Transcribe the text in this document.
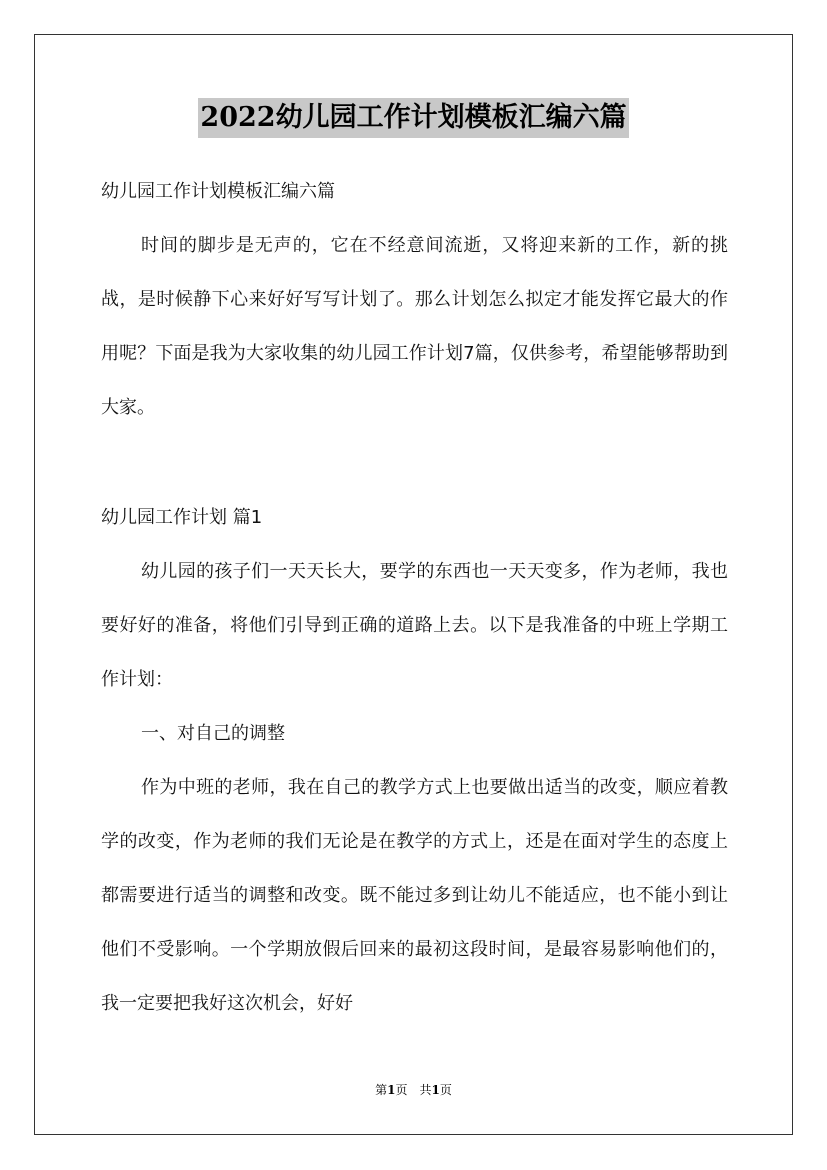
2022幼儿园工作计划模板汇编六篇

幼儿园工作计划模板汇编六篇

时间的脚步是无声的，它在不经意间流逝，又将迎来新的工作，新的挑战，是时候静下心来好好写写计划了。那么计划怎么拟定才能发挥它最大的作用呢？下面是我为大家收集的幼儿园工作计划7篇，仅供参考，希望能够帮助到大家。

幼儿园工作计划 篇1

幼儿园的孩子们一天天长大，要学的东西也一天天变多，作为老师，我也要好好的准备，将他们引导到正确的道路上去。以下是我准备的中班上学期工作计划：

一、对自己的调整

作为中班的老师，我在自己的教学方式上也要做出适当的改变，顺应着教学的改变，作为老师的我们无论是在教学的方式上，还是在面对学生的态度上都需要进行适当的调整和改变。既不能过多到让幼儿不能适应，也不能小到让他们不受影响。一个学期放假后回来的最初这段时间，是最容易影响他们的，我一定要把我好这次机会，好好

第1页　共1页
